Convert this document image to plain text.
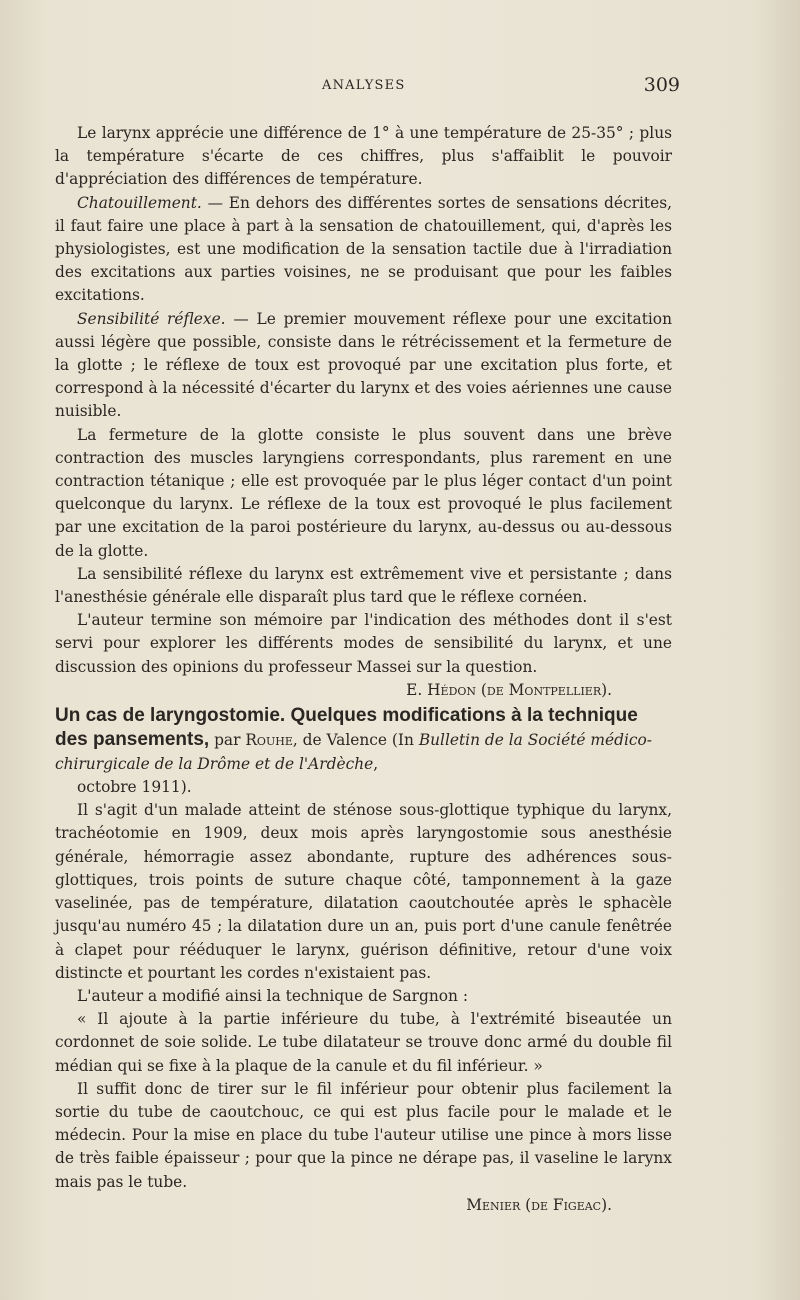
ANALYSES	309

Le larynx apprécie une différence de 1° à une température de 25-35° ; plus la température s'écarte de ces chiffres, plus s'affaiblit le pouvoir d'appréciation des différences de température.

Chatouillement. — En dehors des différentes sortes de sensations décrites, il faut faire une place à part à la sensation de chatouillement, qui, d'après les physiologistes, est une modification de la sensation tactile due à l'irradiation des excitations aux parties voisines, ne se produisant que pour les faibles excitations.

Sensibilité réflexe. — Le premier mouvement réflexe pour une excitation aussi légère que possible, consiste dans le rétrécissement et la fermeture de la glotte ; le réflexe de toux est provoqué par une excitation plus forte, et correspond à la nécessité d'écarter du larynx et des voies aériennes une cause nuisible.

La fermeture de la glotte consiste le plus souvent dans une brève contraction des muscles laryngiens correspondants, plus rarement en une contraction tétanique ; elle est provoquée par le plus léger contact d'un point quelconque du larynx. Le réflexe de la toux est provoqué le plus facilement par une excitation de la paroi postérieure du larynx, au-dessus ou au-dessous de la glotte.

La sensibilité réflexe du larynx est extrêmement vive et persistante ; dans l'anesthésie générale elle disparaît plus tard que le réflexe cornéen.

L'auteur termine son mémoire par l'indication des méthodes dont il s'est servi pour explorer les différents modes de sensibilité du larynx, et une discussion des opinions du professeur Massei sur la question.

E. Hédon (de Montpellier).

Un cas de laryngostomie. Quelques modifications à la technique des pansements, par Rouhe, de Valence (In Bulletin de la Société médico-chirurgicale de la Drôme et de l'Ardèche,

octobre 1911).

Il s'agit d'un malade atteint de sténose sous-glottique typhique du larynx, trachéotomie en 1909, deux mois après laryngostomie sous anesthésie générale, hémorragie assez abondante, rupture des adhérences sous-glottiques, trois points de suture chaque côté, tamponnement à la gaze vaselinée, pas de température, dilatation caoutchoutée après le sphacèle jusqu'au numéro 45 ; la dilatation dure un an, puis port d'une canule fenêtrée à clapet pour rééduquer le larynx, guérison définitive, retour d'une voix distincte et pourtant les cordes n'existaient pas.

L'auteur a modifié ainsi la technique de Sargnon :

« Il ajoute à la partie inférieure du tube, à l'extrémité biseautée un cordonnet de soie solide. Le tube dilatateur se trouve donc armé du double fil médian qui se fixe à la plaque de la canule et du fil inférieur. »

Il suffit donc de tirer sur le fil inférieur pour obtenir plus facilement la sortie du tube de caoutchouc, ce qui est plus facile pour le malade et le médecin. Pour la mise en place du tube l'auteur utilise une pince à mors lisse de très faible épaisseur ; pour que la pince ne dérape pas, il vaseline le larynx mais pas le tube.

Menier (de Figeac).
